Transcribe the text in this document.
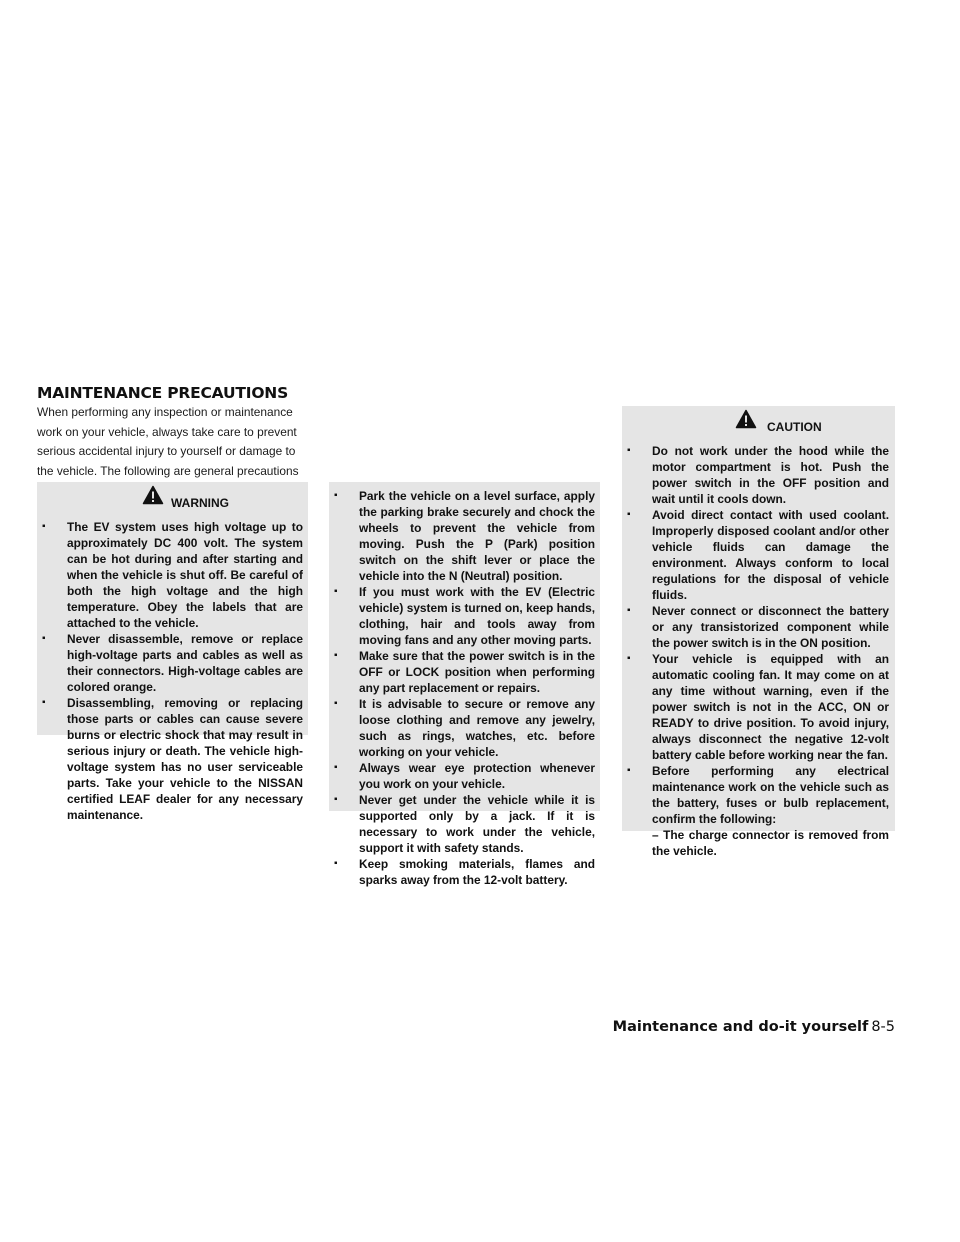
MAINTENANCE PRECAUTIONS

When performing any inspection or maintenance work on your vehicle, always take care to prevent serious accidental injury to yourself or damage to the vehicle. The following are general precautions

WARNING
▪ The EV system uses high voltage up to approximately DC 400 volt. The system can be hot during and after starting and when the vehicle is shut off. Be careful of both the high voltage and the high temperature. Obey the labels that are attached to the vehicle.
▪ Never disassemble, remove or replace high-voltage parts and cables as well as their connectors. High-voltage cables are colored orange.
▪ Disassembling, removing or replacing those parts or cables can cause severe burns or electric shock that may result in serious injury or death. The vehicle high-voltage system has no user serviceable parts. Take your vehicle to the NISSAN certified LEAF dealer for any necessary maintenance.
▪ Park the vehicle on a level surface, apply the parking brake securely and chock the wheels to prevent the vehicle from moving. Push the P (Park) position switch on the shift lever or place the vehicle into the N (Neutral) position.
▪ If you must work with the EV (Electric vehicle) system is turned on, keep hands, clothing, hair and tools away from moving fans and any other moving parts.
▪ Make sure that the power switch is in the OFF or LOCK position when performing any part replacement or repairs.
▪ It is advisable to secure or remove any loose clothing and remove any jewelry, such as rings, watches, etc. before working on your vehicle.
▪ Always wear eye protection whenever you work on your vehicle.
▪ Never get under the vehicle while it is supported only by a jack. If it is necessary to work under the vehicle, support it with safety stands.
▪ Keep smoking materials, flames and sparks away from the 12-volt battery.
CAUTION
▪ Do not work under the hood while the motor compartment is hot. Push the power switch in the OFF position and wait until it cools down.
▪ Avoid direct contact with used coolant. Improperly disposed coolant and/or other vehicle fluids can damage the environment. Always conform to local regulations for the disposal of vehicle fluids.
▪ Never connect or disconnect the battery or any transistorized component while the power switch is in the ON position.
▪ Your vehicle is equipped with an automatic cooling fan. It may come on at any time without warning, even if the power switch is not in the ACC, ON or READY to drive position. To avoid injury, always disconnect the negative 12-volt battery cable before working near the fan.
▪ Before performing any electrical maintenance work on the vehicle such as the battery, fuses or bulb replacement, confirm the following:
– The charge connector is removed from the vehicle.
Maintenance and do-it yourself 8-5
